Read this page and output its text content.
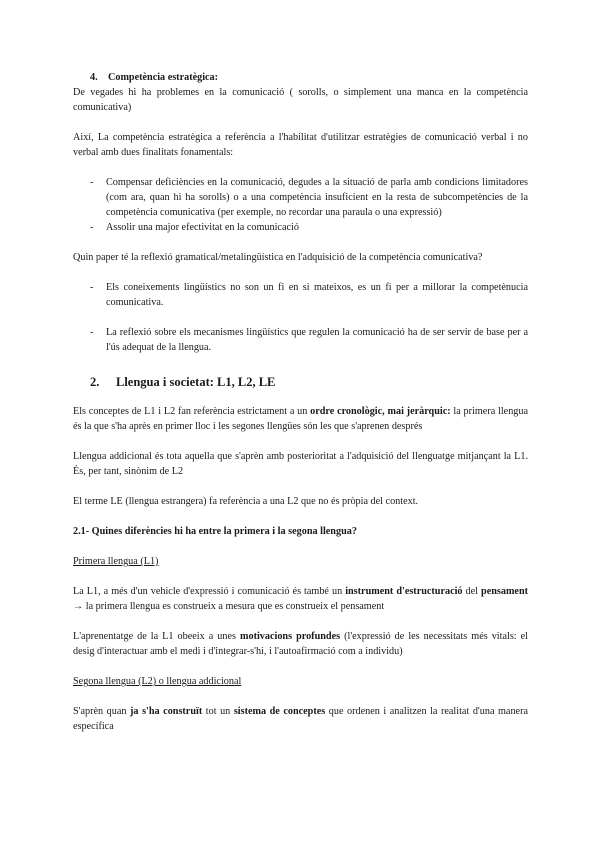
4. Competència estratègica:

De vegades hi ha problemes en la comunicació ( sorolls, o simplement una manca en la competència comunicativa)

Així, La competència estratègica a referència a l'habilitat d'utilitzar estratègies de comunicació verbal i no verbal amb dues finalitats fonamentals:

- Compensar deficiències en la comunicació, degudes a la situació de parla amb condicions limitadores (com ara, quan hi ha sorolls) o a una competència insuficient en la resta de subcompetències de la competència comunicativa (per exemple, no recordar una paraula o una expressió)
- Assolir una major efectivitat en la comunicació

Quin paper té la reflexió gramatical/metalingüística en l'adquisició de la competència comunicativa?

- Els coneixements lingüístics no son un fi en si mateixos, es un fi per a millorar la competènucia comunicativa.
- La reflexió sobre els mecanismes lingüístics que regulen la comunicació ha de ser servir de base per a l'ús adequat de la llengua.

2. Llengua i societat: L1, L2, LE

Els conceptes de L1 i L2 fan referència estrictament a un ordre cronològic, mai jeràrquic: la primera llengua és la que s'ha après en primer lloc i les segones llengües són les que s'aprenen després

Llengua addicional és tota aquella que s'aprèn amb posterioritat a l'adquisició del llenguatge mitjançant la L1. És, per tant, sinònim de L2

El terme LE (llengua estrangera) fa referència a una L2 que no és pròpia del context.

2.1- Quines diferències hi ha entre la primera i la segona llengua?

Primera llengua (L1)

La L1, a més d'un vehicle d'expressió i comunicació és també un instrument d'estructuració del pensament → la primera llengua es construeix a mesura que es construeix el pensament

L'aprenentatge de la L1 obeeix a unes motivacions profundes (l'expressió de les necessitats més vitals: el desig d'interactuar amb el medi i d'integrar-s'hi, i l'autoafirmació com a individu)

Segona llengua (L2) o llengua addicional

S'aprèn quan ja s'ha construït tot un sistema de conceptes que ordenen i analitzen la realitat d'una manera específica
